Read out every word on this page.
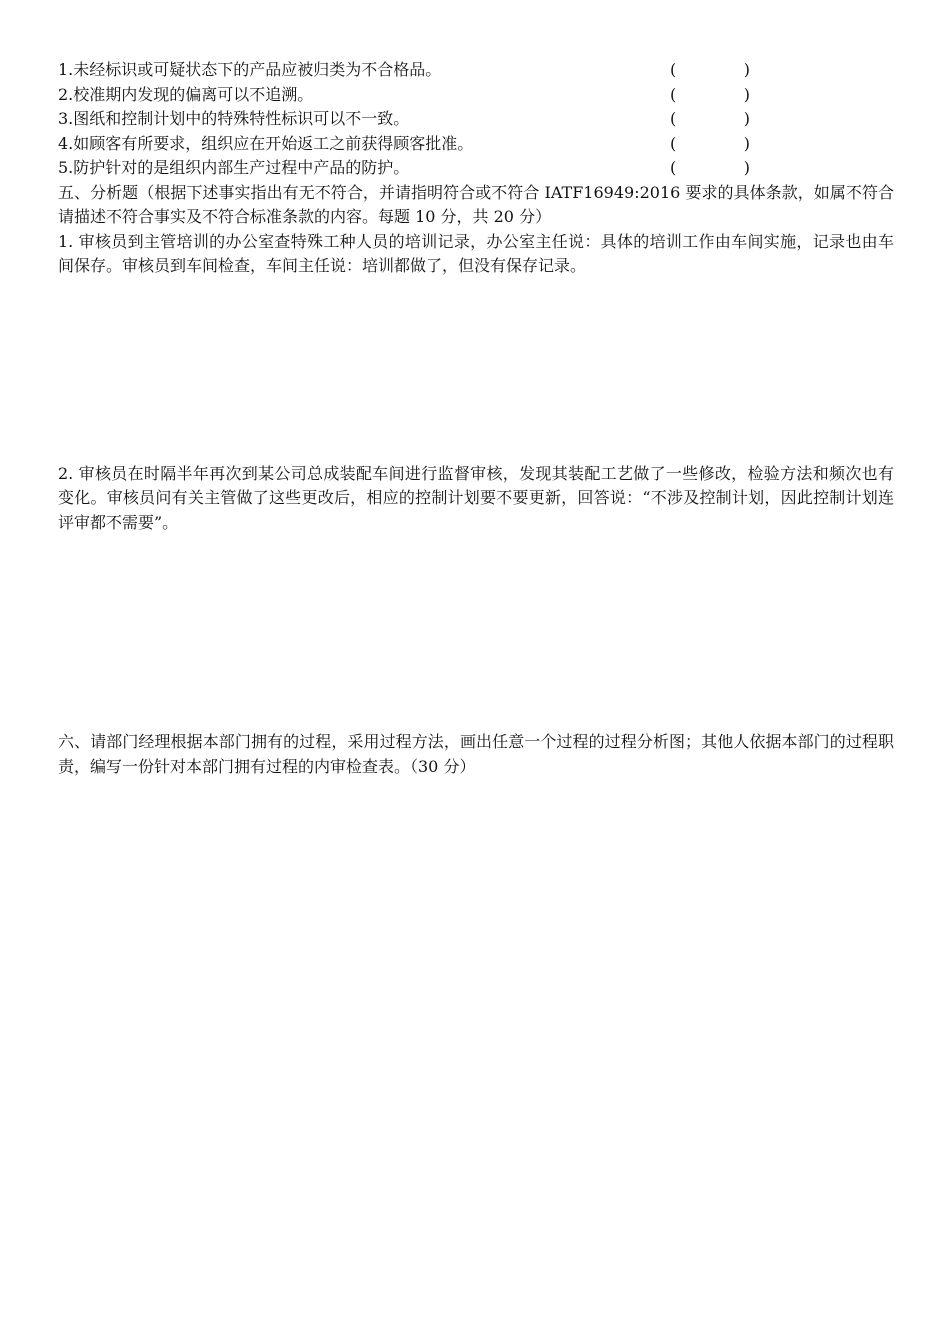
1.未经标识或可疑状态下的产品应被归类为不合格品。	(	)
2.校准期内发现的偏离可以不追溯。	(	)
3.图纸和控制计划中的特殊特性标识可以不一致。	(	)
4.如顾客有所要求，组织应在开始返工之前获得顾客批准。	(	)
5.防护针对的是组织内部生产过程中产品的防护。	(	)

五、分析题（根据下述事实指出有无不符合，并请指明符合或不符合 IATF16949:2016 要求的具体条款，如属不符合请描述不符合事实及不符合标准条款的内容。每题 10 分，共 20 分）

1. 审核员到主管培训的办公室查特殊工种人员的培训记录，办公室主任说：具体的培训工作由车间实施，记录也由车间保存。审核员到车间检查，车间主任说：培训都做了，但没有保存记录。

2. 审核员在时隔半年再次到某公司总成装配车间进行监督审核，发现其装配工艺做了一些修改，检验方法和频次也有变化。审核员问有关主管做了这些更改后，相应的控制计划要不要更新，回答说：“不涉及控制计划，因此控制计划连评审都不需要”。

六、请部门经理根据本部门拥有的过程，采用过程方法，画出任意一个过程的过程分析图；其他人依据本部门的过程职责，编写一份针对本部门拥有过程的内审检查表。（30 分）
